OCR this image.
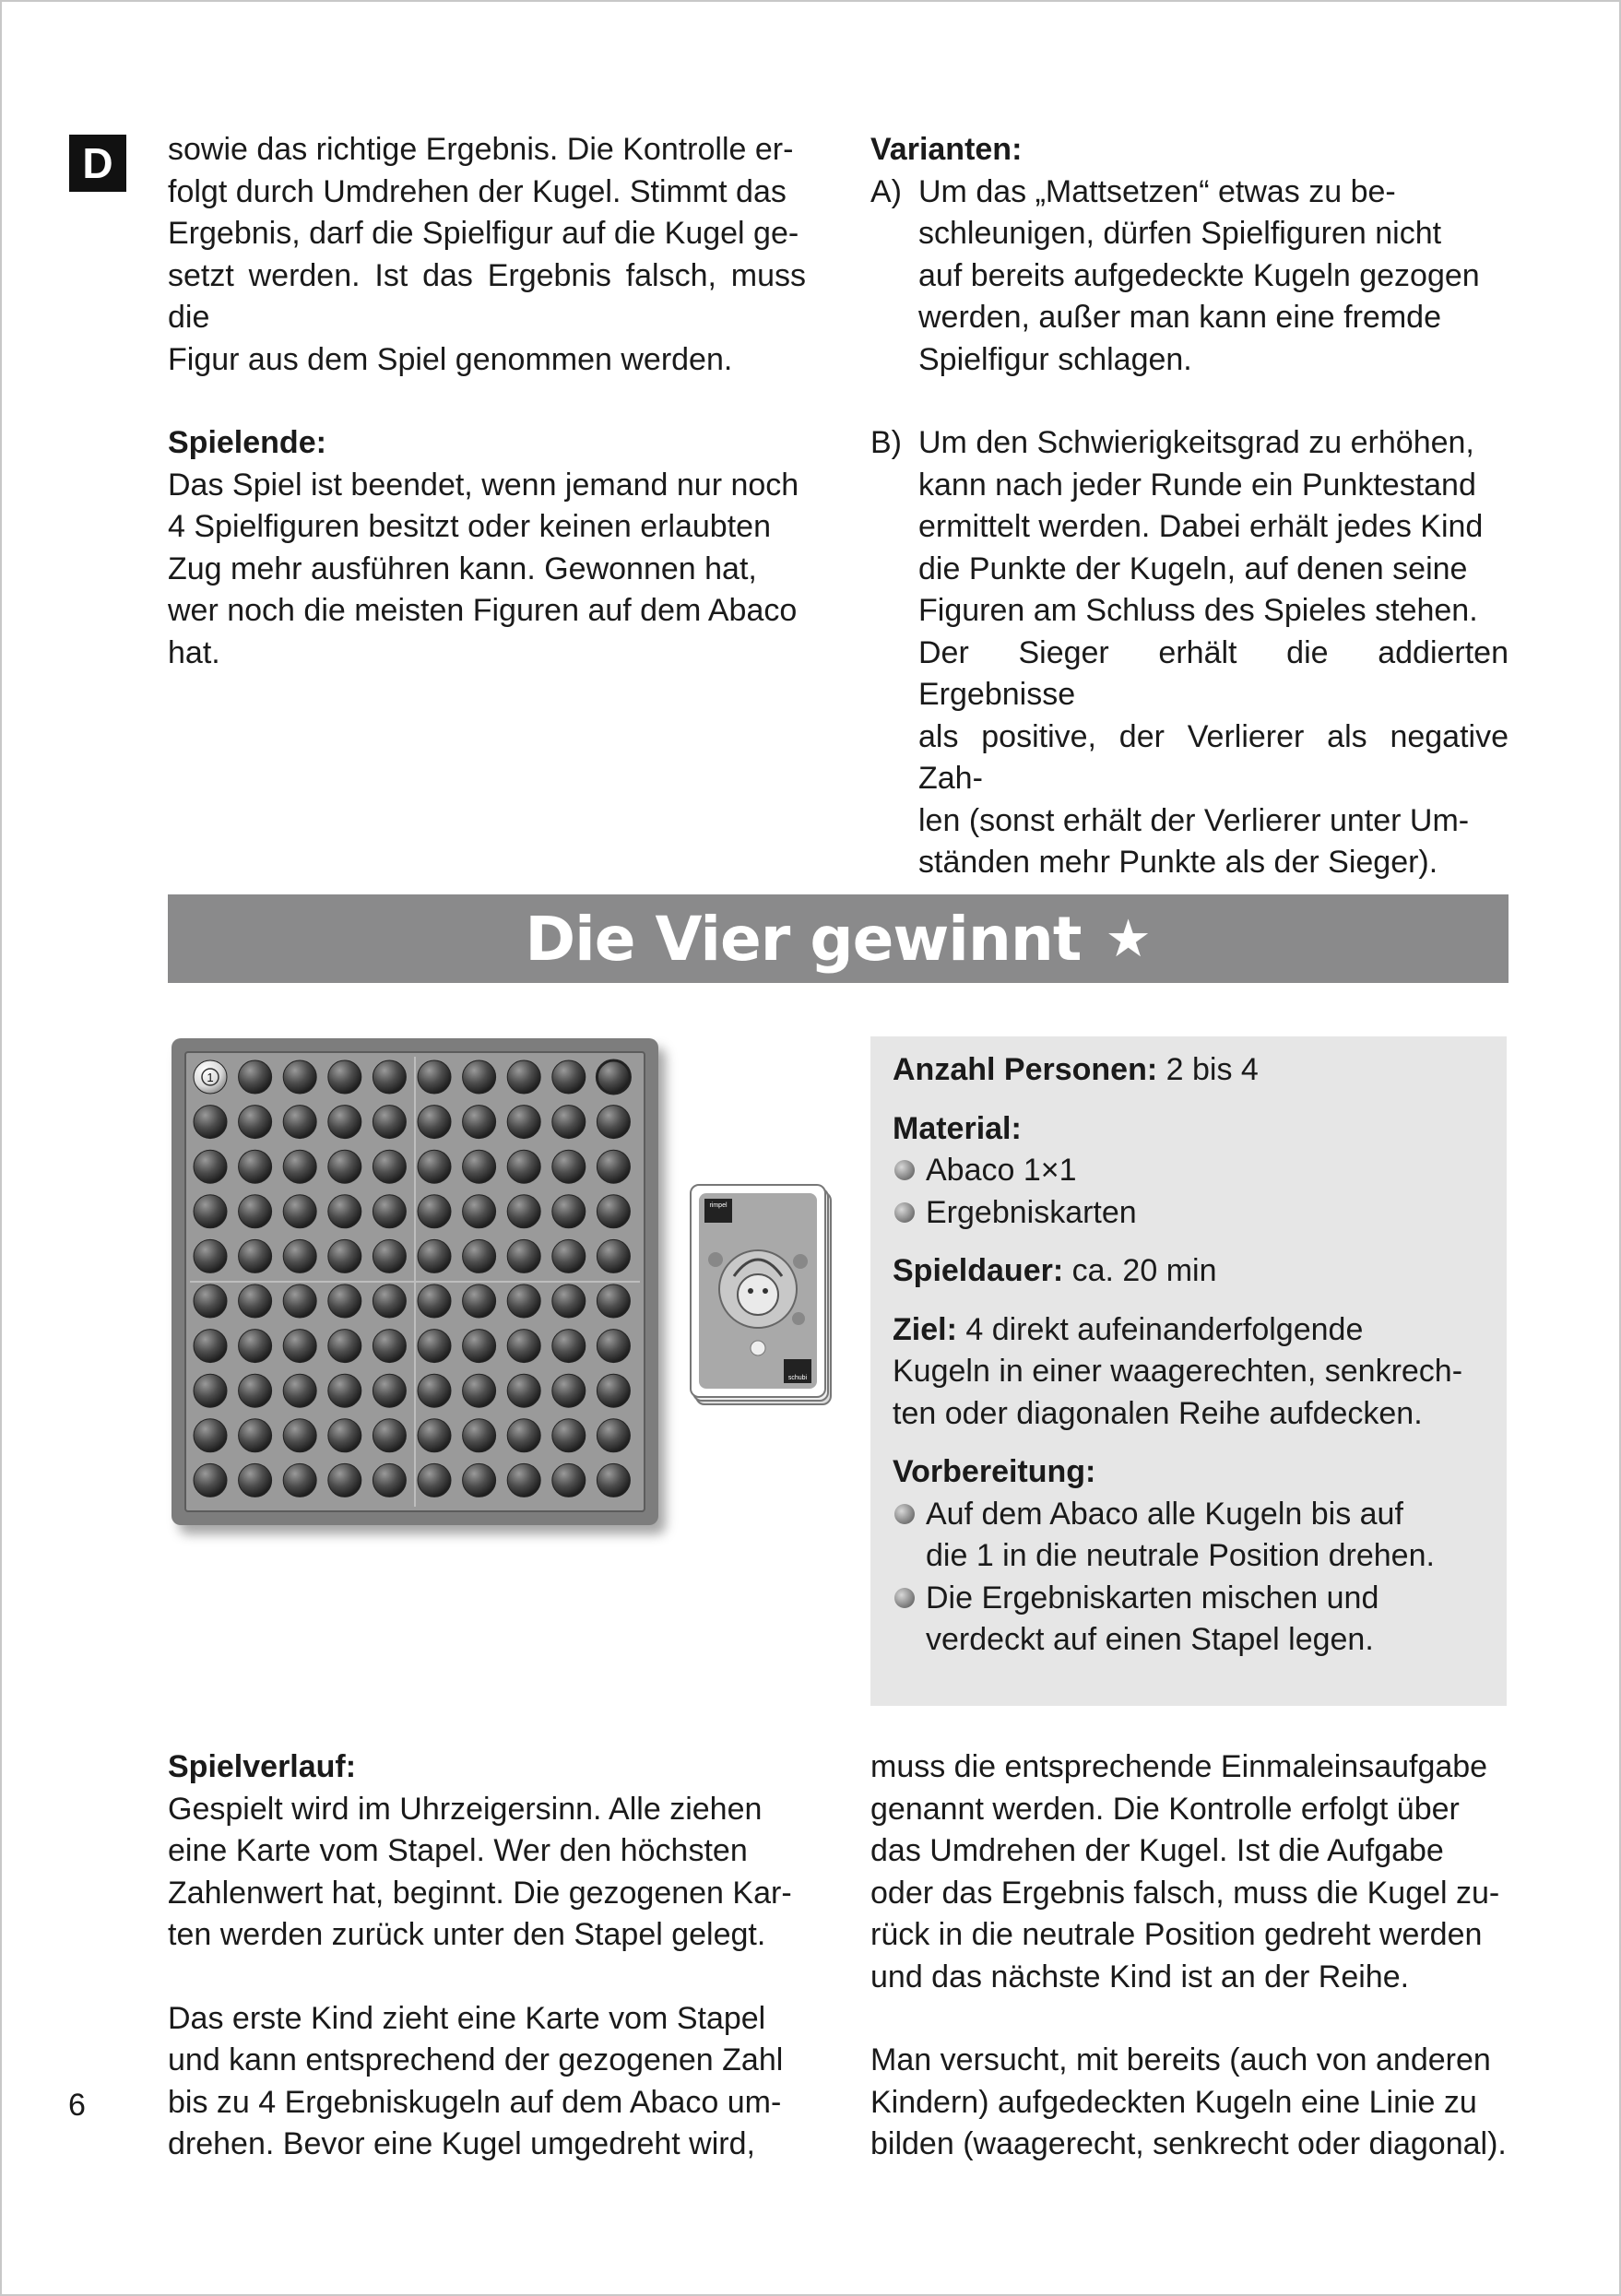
D	sowie das richtige Ergebnis. Die Kontrolle er-

folgt durch Umdrehen der Kugel. Stimmt das

Ergebnis, darf die Spielfigur auf die Kugel ge-

setzt werden. Ist das Ergebnis falsch, muss die

Figur aus dem Spiel genommen werden.

Spielende:

Das Spiel ist beendet, wenn jemand nur noch

4 Spielfiguren besitzt oder keinen erlaubten

Zug mehr ausführen kann. Gewonnen hat,

wer noch die meisten Figuren auf dem Abaco

hat.

Varianten:
A) Um das „Mattsetzen“ etwas zu be-

schleunigen, dürfen Spielfiguren nicht

auf bereits aufgedeckte Kugeln gezogen

werden, außer man kann eine fremde

Spielfigur schlagen.

B) Um den Schwierigkeitsgrad zu erhöhen,

kann nach jeder Runde ein Punktestand

ermittelt werden. Dabei erhält jedes Kind

die Punkte der Kugeln, auf denen seine

Figuren am Schluss des Spieles stehen.

Der Sieger erhält die addierten Ergebnisse

als positive, der Verlierer als negative Zah-

len (sonst erhält der Verlierer unter Um-

ständen mehr Punkte als der Sieger).

Die Vier gewinnt ★
1
rimpel
schubi
Anzahl Personen: 2 bis 4

Material:

Abaco 1×1
Ergebniskarten
Spieldauer: ca. 20 min

Ziel: 4 direkt aufeinanderfolgende

Kugeln in einer waagerechten, senkrech-

ten oder diagonalen Reihe aufdecken.

Vorbereitung:

Auf dem Abaco alle Kugeln bis auf

die 1 in die neutrale Position drehen.

Die Ergebniskarten mischen und

verdeckt auf einen Stapel legen.

Spielverlauf:

Gespielt wird im Uhrzeigersinn. Alle ziehen

eine Karte vom Stapel. Wer den höchsten

Zahlenwert hat, beginnt. Die gezogenen Kar-

ten werden zurück unter den Stapel gelegt.

Das erste Kind zieht eine Karte vom Stapel

und kann entsprechend der gezogenen Zahl

bis zu 4 Ergebniskugeln auf dem Abaco um-

drehen. Bevor eine Kugel umgedreht wird,

muss die entsprechende Einmaleinsaufgabe

genannt werden. Die Kontrolle erfolgt über

das Umdrehen der Kugel. Ist die Aufgabe

oder das Ergebnis falsch, muss die Kugel zu-

rück in die neutrale Position gedreht werden

und das nächste Kind ist an der Reihe.

Man versucht, mit bereits (auch von anderen

Kindern) aufgedeckten Kugeln eine Linie zu

bilden (waagerecht, senkrecht oder diagonal).

6
